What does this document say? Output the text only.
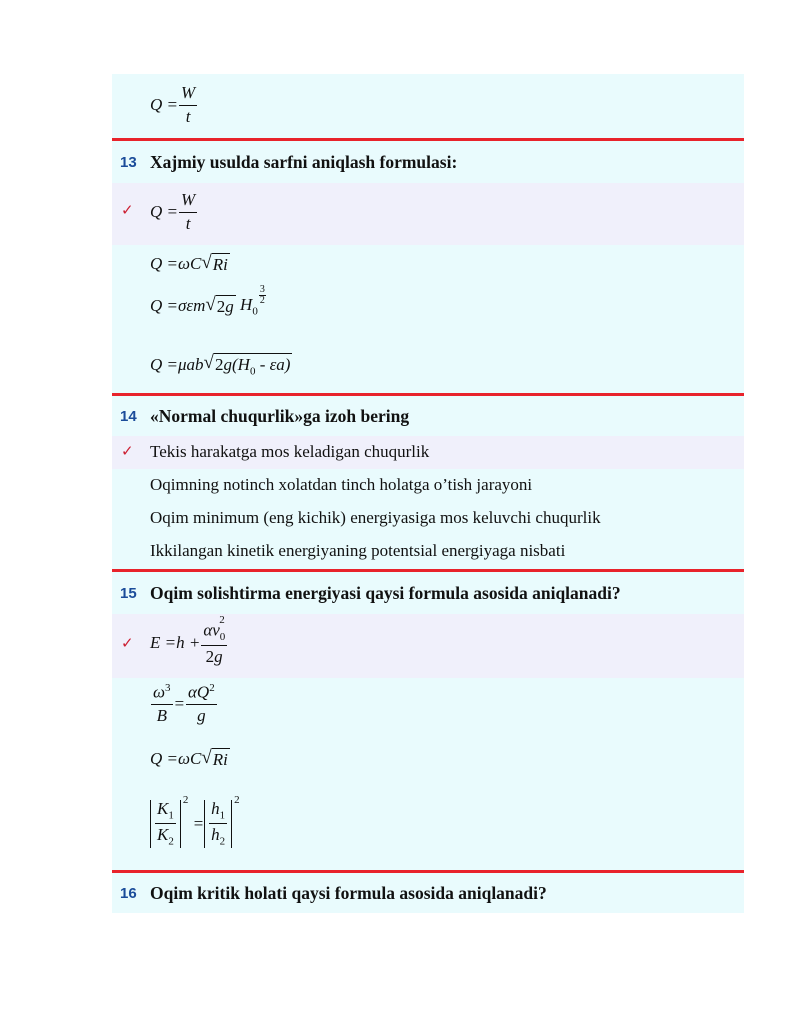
$Q = \frac{W}{t}$
13 Xajmiy usulda sarfni aniqlash formulasi:
✓ $Q = \frac{W}{t}$
Q =ωC √ Ri
Q =σεm √ 2g $H_0$
3
2
Q =μab √ $2g(H_0 - \varepsilon a)$
14 «Normal chuqurlik»ga izoh bering
✓ Tekis harakatga mos keladigan chuqurlik
Oqimning notinch xolatdan tinch holatga o’tish jarayoni
Oqim minimum (eng kichik) energiyasiga mos keluvchi chuqurlik
Ikkilangan kinetik energiyaning potentsial energiyaga nisbati
15 Oqim solishtirma energiyasi qaysi formula asosida aniqlanadi?
✓ $E =h + \frac{\alpha v_0^2}{2g}$
$\frac{\omega^3}{B} = \frac{\alpha Q^2}{g}$
Q =ωC √ Ri
$\frac{K_1}{K_2} 2$
= $\frac{h_1}{h_2} 2$
16 Oqim kritik holati qaysi formula asosida aniqlanadi?
